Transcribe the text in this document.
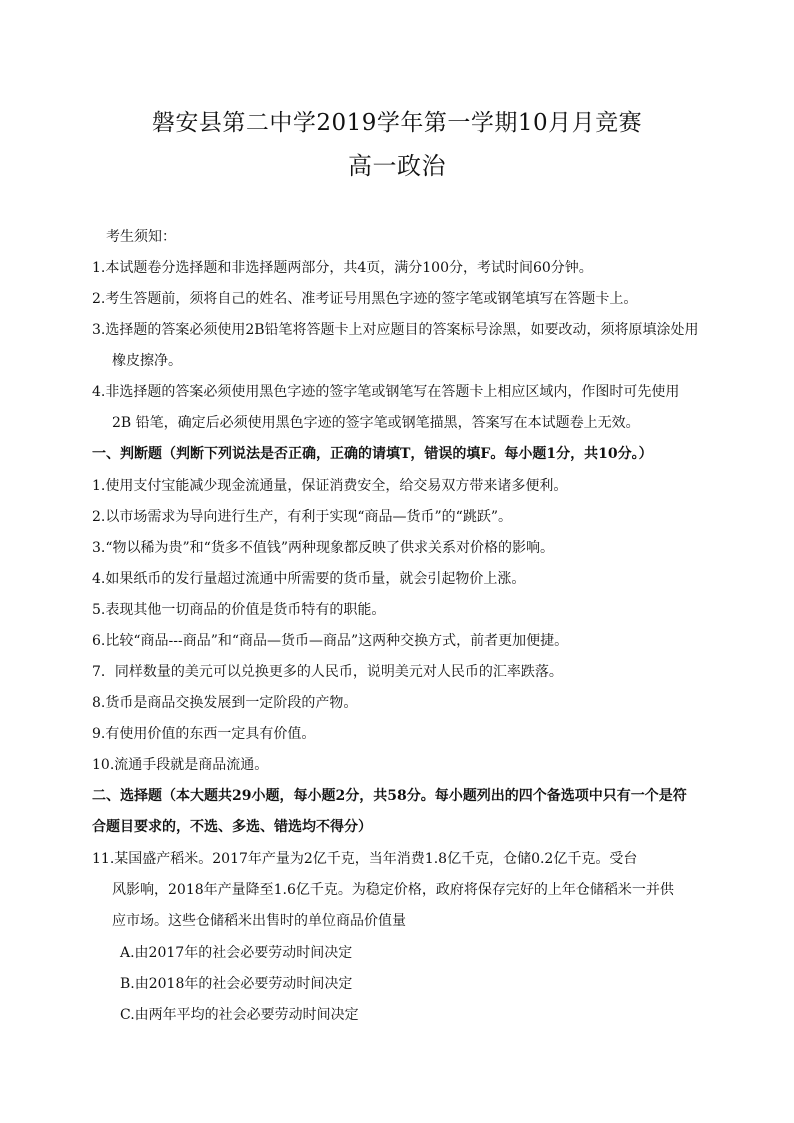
磐安县第二中学2019学年第一学期10月月竞赛
高一政治

考生须知：

1.本试题卷分选择题和非选择题两部分，共4页，满分100分，考试时间60分钟。

2.考生答题前，须将自己的姓名、准考证号用黑色字迹的签字笔或钢笔填写在答题卡上。

3.选择题的答案必须使用2B铅笔将答题卡上对应题目的答案标号涂黑，如要改动，须将原填涂处用

橡皮擦净。

4.非选择题的答案必须使用黑色字迹的签字笔或钢笔写在答题卡上相应区域内，作图时可先使用

2B 铅笔，确定后必须使用黑色字迹的签字笔或钢笔描黑，答案写在本试题卷上无效。

一、判断题（判断下列说法是否正确，正确的请填T，错误的填F。每小题1分，共10分。）

1.使用支付宝能减少现金流通量，保证消费安全，给交易双方带来诸多便利。

2.以市场需求为导向进行生产，有利于实现“商品—货币”的“跳跃”。

3.“物以稀为贵”和“货多不值钱”两种现象都反映了供求关系对价格的影响。

4.如果纸币的发行量超过流通中所需要的货币量，就会引起物价上涨。

5.表现其他一切商品的价值是货币特有的职能。

6.比较“商品---商品”和“商品—货币—商品”这两种交换方式，前者更加便捷。

7．同样数量的美元可以兑换更多的人民币，说明美元对人民币的汇率跌落。

8.货币是商品交换发展到一定阶段的产物。

9.有使用价值的东西一定具有价值。

10.流通手段就是商品流通。

二、选择题（本大题共29小题，每小题2分，共58分。每小题列出的四个备选项中只有一个是符

合题目要求的，不选、多选、错选均不得分）

11.某国盛产稻米。2017年产量为2亿千克，当年消费1.8亿千克，仓储0.2亿千克。受台

风影响，2018年产量降至1.6亿千克。为稳定价格，政府将保存完好的上年仓储稻米一并供

应市场。这些仓储稻米出售时的单位商品价值量

A.由2017年的社会必要劳动时间决定

B.由2018年的社会必要劳动时间决定

C.由两年平均的社会必要劳动时间决定
